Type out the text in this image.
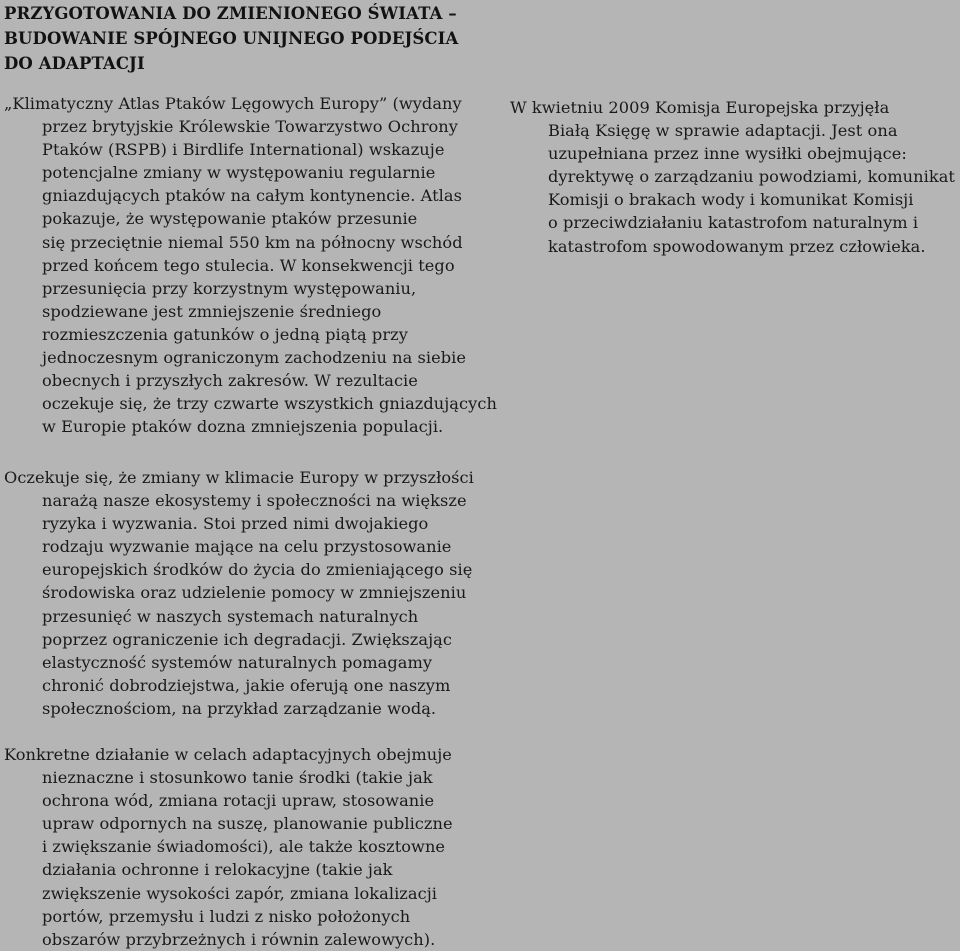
PRZYGOTOWANIA DO ZMIENIONEGO ŚWIATA –
BUDOWANIE SPÓJNEGO UNIJNEGO PODEJŚCIA
DO ADAPTACJI

„Klimatyczny Atlas Ptaków Lęgowych Europy” (wydany
przez brytyjskie Królewskie Towarzystwo Ochrony
Ptaków (RSPB) i Birdlife International) wskazuje
potencjalne zmiany w występowaniu regularnie
gniazdujących ptaków na całym kontynencie. Atlas
pokazuje, że występowanie ptaków przesunie
się przeciętnie niemal 550 km na północny wschód
przed końcem tego stulecia. W konsekwencji tego
przesunięcia przy korzystnym występowaniu,
spodziewane jest zmniejszenie średniego
rozmieszczenia gatunków o jedną piątą przy
jednoczesnym ograniczonym zachodzeniu na siebie
obecnych i przyszłych zakresów. W rezultacie
oczekuje się, że trzy czwarte wszystkich gniazdujących
w Europie ptaków dozna zmniejszenia populacji.

Oczekuje się, że zmiany w klimacie Europy w przyszłości
narażą nasze ekosystemy i społeczności na większe
ryzyka i wyzwania. Stoi przed nimi dwojakiego
rodzaju wyzwanie mające na celu przystosowanie
europejskich środków do życia do zmieniającego się
środowiska oraz udzielenie pomocy w zmniejszeniu
przesunięć w naszych systemach naturalnych
poprzez ograniczenie ich degradacji. Zwiększając
elastyczność systemów naturalnych pomagamy
chronić dobrodziejstwa, jakie oferują one naszym
społecznościom, na przykład zarządzanie wodą.

Konkretne działanie w celach adaptacyjnych obejmuje
nieznaczne i stosunkowo tanie środki (takie jak
ochrona wód, zmiana rotacji upraw, stosowanie
upraw odpornych na suszę, planowanie publiczne
i zwiększanie świadomości), ale także kosztowne
działania ochronne i relokacyjne (takie jak
zwiększenie wysokości zapór, zmiana lokalizacji
portów, przemysłu i ludzi z nisko położonych
obszarów przybrzeżnych i równin zalewowych).

W kwietniu 2009 Komisja Europejska przyjęła
Białą Księgę w sprawie adaptacji. Jest ona
uzupełniana przez inne wysiłki obejmujące:
dyrektywę o zarządzaniu powodziami, komunikat
Komisji o brakach wody i komunikat Komisji
o przeciwdziałaniu katastrofom naturalnym i
katastrofom spowodowanym przez człowieka.
